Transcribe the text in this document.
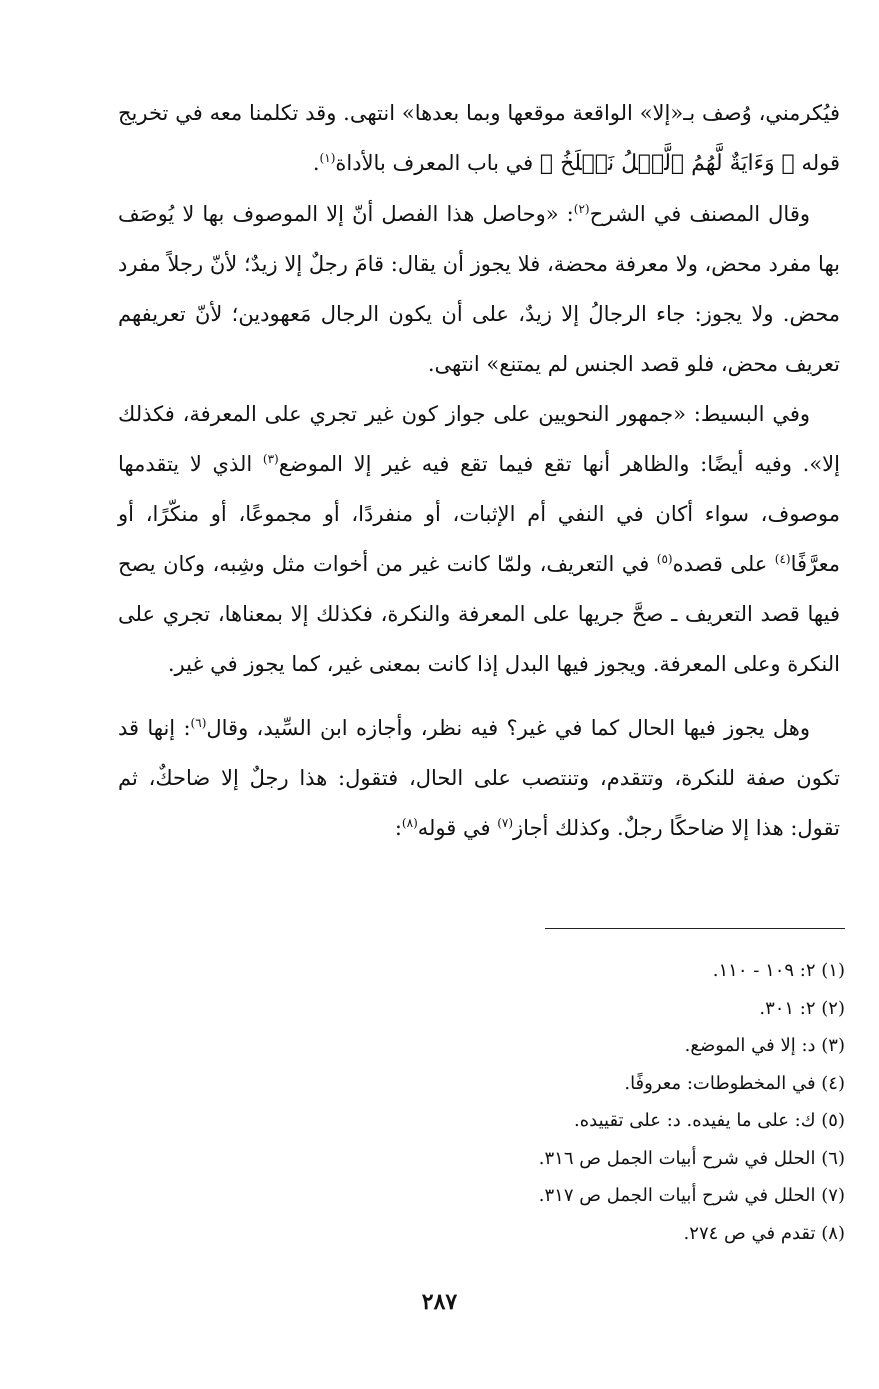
فيُكرمني، وُصف بـ«إلا» الواقعة موقعها وبما بعدها» انتهى. وقد تكلمنا معه في تخريج قوله ﴿ وَءَايَةٌ لَّهُمُ ٱلَّيۡلُ نَسۡلَخُ ﴾ في باب المعرف بالأداة$^{(١)}$.

وقال المصنف في الشرح$^{(٢)}$: «وحاصل هذا الفصل أنّ إلا الموصوف بها لا يُوصَف بها مفرد محض، ولا معرفة محضة، فلا يجوز أن يقال: قامَ رجلٌ إلا زيدٌ؛ لأنّ رجلاً مفرد محض. ولا يجوز: جاء الرجالُ إلا زيدٌ، على أن يكون الرجال مَعهودين؛ لأنّ تعريفهم تعريف محض، فلو قصد الجنس لم يمتنع» انتهى.

وفي البسيط: «جمهور النحويين على جواز كون غير تجري على المعرفة، فكذلك إلا». وفيه أيضًا: والظاهر أنها تقع فيما تقع فيه غير إلا الموضع$^{(٣)}$ الذي لا يتقدمها موصوف، سواء أكان في النفي أم الإثبات، أو منفردًا، أو مجموعًا، أو منكّرًا، أو معرَّفًا$^{(٤)}$ على قصده$^{(٥)}$ في التعريف، ولمّا كانت غير من أخوات مثل وشِبه، وكان يصح فيها قصد التعريف ـ صحَّ جريها على المعرفة والنكرة، فكذلك إلا بمعناها، تجري على النكرة وعلى المعرفة. ويجوز فيها البدل إذا كانت بمعنى غير، كما يجوز في غير.

وهل يجوز فيها الحال كما في غير؟ فيه نظر، وأجازه ابن السِّيد، وقال$^{(٦)}$: إنها قد تكون صفة للنكرة، وتتقدم، وتنتصب على الحال، فتقول: هذا رجلٌ إلا ضاحكٌ، ثم تقول: هذا إلا ضاحكًا رجلٌ. وكذلك أجاز$^{(٧)}$ في قوله$^{(٨)}$:

(١) ٢: ١٠٩ - ١١٠.
(٢) ٢: ٣٠١.
(٣) د: إلا في الموضع.
(٤) في المخطوطات: معروفًا.
(٥) ك: على ما يفيده. د: على تقييده.
(٦) الحلل في شرح أبيات الجمل ص ٣١٦.
(٧) الحلل في شرح أبيات الجمل ص ٣١٧.
(٨) تقدم في ص ٢٧٤.
٢٨٧
